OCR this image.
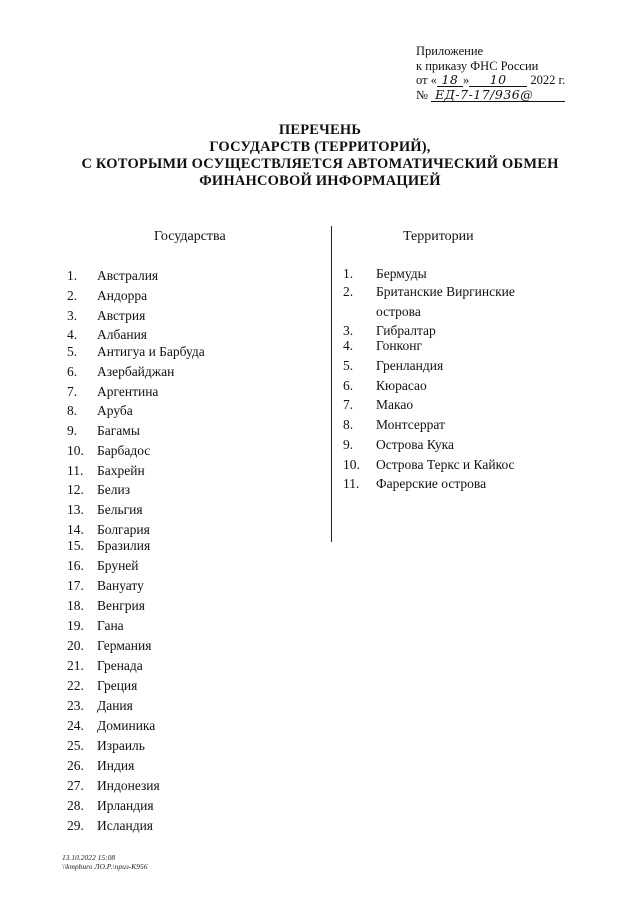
Приложение
к приказу ФНС России
от « 18 » 10 2022 г.
№ ЕД-7-17/936@
ПЕРЕЧЕНЬ
ГОСУДАРСТВ (ТЕРРИТОРИЙ),
С КОТОРЫМИ ОСУЩЕСТВЛЯЕТСЯ АВТОМАТИЧЕСКИЙ ОБМЕН
ФИНАНСОВОЙ ИНФОРМАЦИЕЙ
Государства	Территории
1. Австралия
2. Андорра
3. Австрия
4. Албания
5. Антигуа и Барбуда
6. Азербайджан
7. Аргентина
8. Аруба
9. Багамы
10. Барбадос
11. Бахрейн
12. Белиз
13. Бельгия
14. Болгария
15. Бразилия
16. Бруней
17. Вануату
18. Венгрия
19. Гана
20. Германия
21. Гренада
22. Греция
23. Дания
24. Доминика
25. Израиль
26. Индия
27. Индонезия
28. Ирландия
29. Исландия
1. Бермуды
2. Британские Виргинские
острова
3. Гибралтар
4. Гонконг
5. Гренландия
6. Кюрасао
7. Макао
8. Монтсеррат
9. Острова Кука
10. Острова Теркс и Кайкос
11. Фарерские острова
13.10.2022 15:08
\\kmpburo ЛО.Р.\приз-К956
